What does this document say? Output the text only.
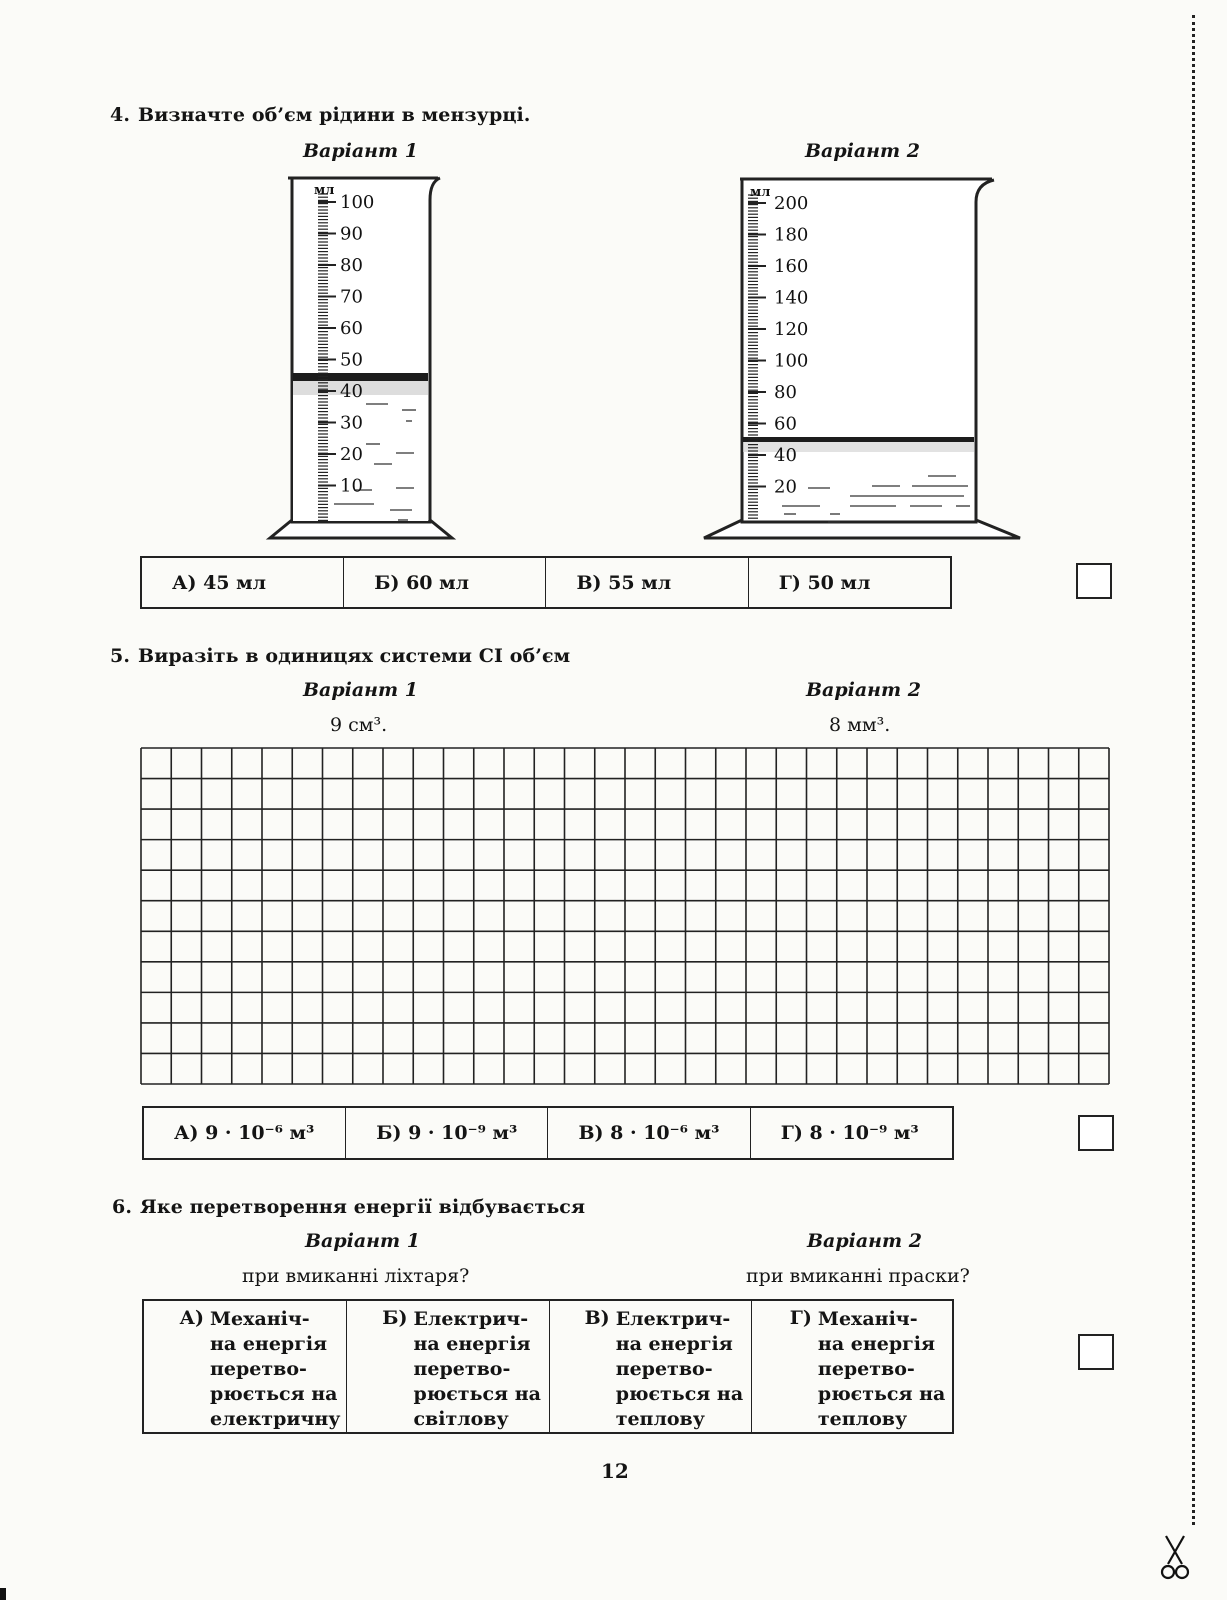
4. Визначте об’єм рідини в мензурці.
Варіант 1	Варіант 2
100
90
80
70
60
50
40
30
20
10
мл
200
180
160
140
120
100
80
60
40
20
мл
А) 45 мл	Б) 60 мл	В) 55 мл	Г) 50 мл
5. Виразіть в одиницях системи СІ об’єм
Варіант 1	Варіант 2
9 см³.	8 мм³.
А) 9 · 10⁻⁶ м³	Б) 9 · 10⁻⁹ м³	В) 8 · 10⁻⁶ м³	Г) 8 · 10⁻⁹ м³
6. Яке перетворення енергії відбувається
Варіант 1	Варіант 2
при вмиканні ліхтаря?	при вмиканні праски?
А) Механіч-
на енергія
перетво-
рюється на
електричну

Б) Електрич-
на енергія
перетво-
рюється на
світлову

В) Електрич-
на енергія
перетво-
рюється на
теплову

Г) Механіч-
на енергія
перетво-
рюється на
теплову
12
